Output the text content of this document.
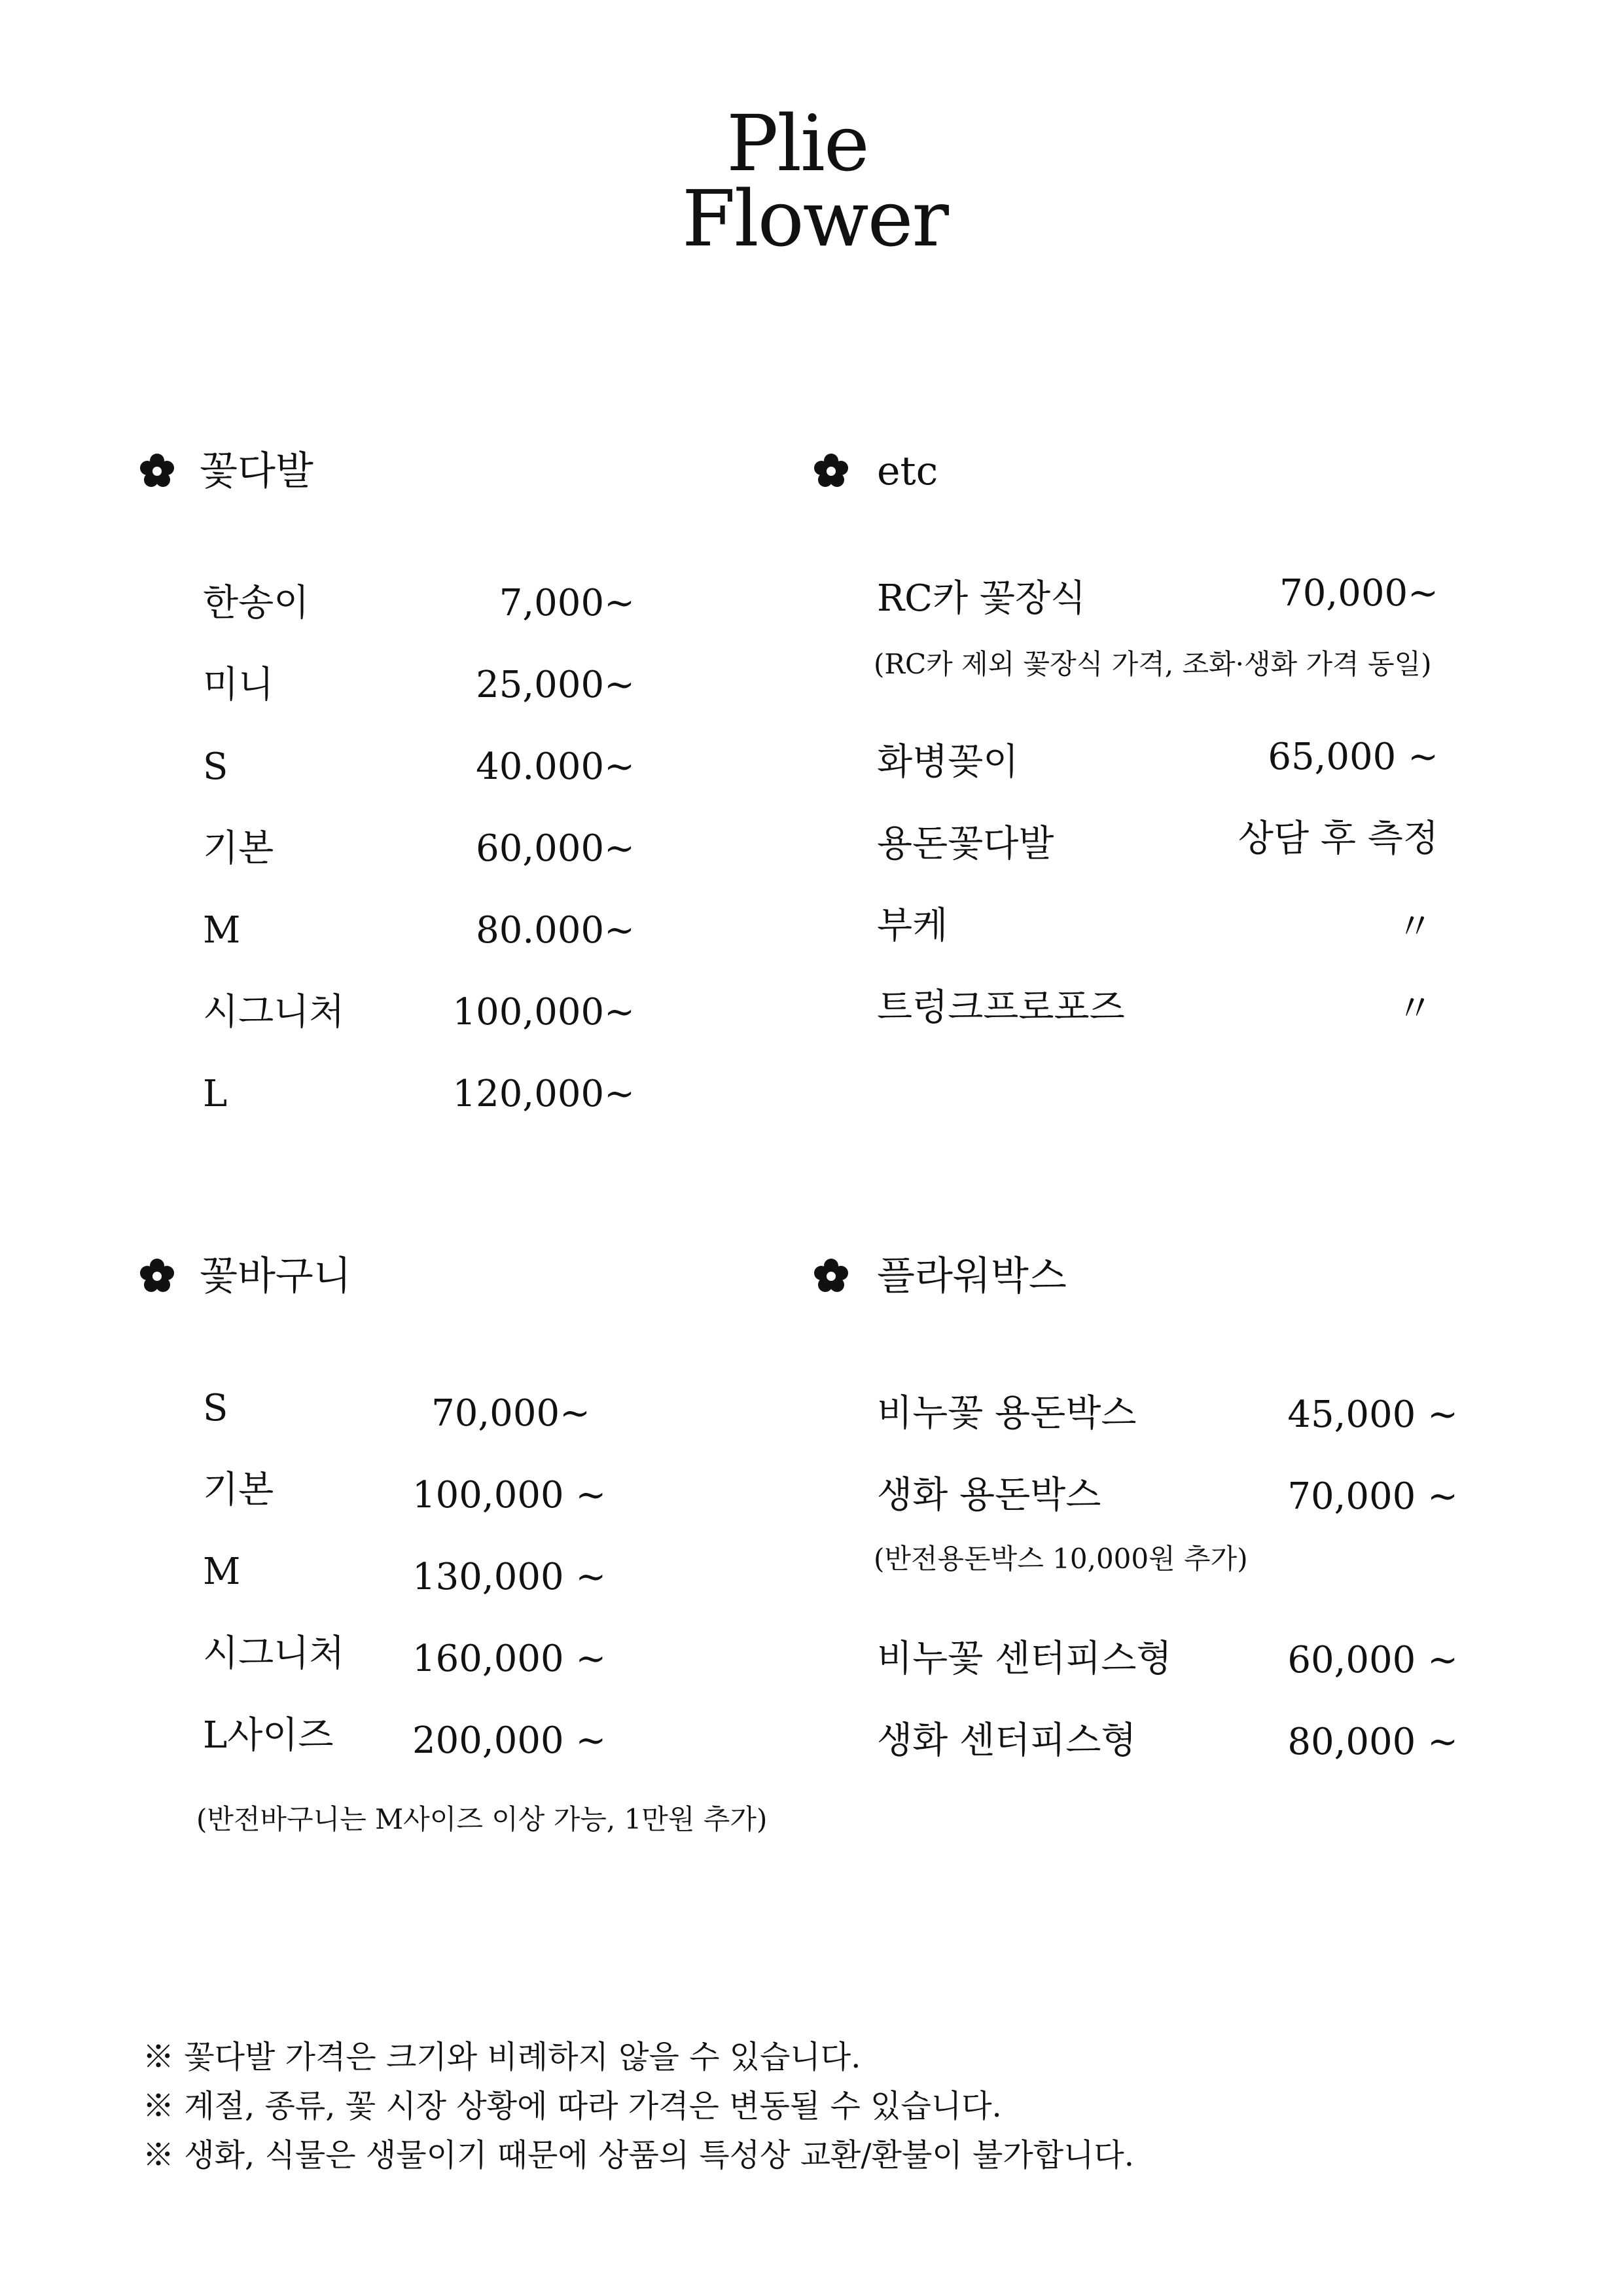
Plie
Flower
꽃다발
한송이	7,000~
미니	25,000~
S	40.000~
기본	60,000~
M	80.000~
시그니처	100,000~
L	120,000~
etc
RC카 꽃장식	70,000~
(RC카 제외 꽃장식 가격, 조화·생화 가격 동일)
화병꽂이	65,000 ~
용돈꽃다발	상담 후 측정
부케	〃
트렁크프로포즈	〃
꽃바구니
S	70,000~
기본	100,000 ~
M	130,000 ~
시그니처 160,000 ~
L사이즈 200,000 ~
(반전바구니는 M사이즈 이상 가능, 1만원 추가)
플라워박스
비누꽃 용돈박스	45,000 ~
생화 용돈박스	70,000 ~
(반전용돈박스 10,000원 추가)
비누꽃 센터피스형	60,000 ~
생화 센터피스형	80,000 ~
※ 꽃다발 가격은 크기와 비례하지 않을 수 있습니다.
※ 계절, 종류, 꽃 시장 상황에 따라 가격은 변동될 수 있습니다.
※ 생화, 식물은 생물이기 때문에 상품의 특성상 교환/환불이 불가합니다.
